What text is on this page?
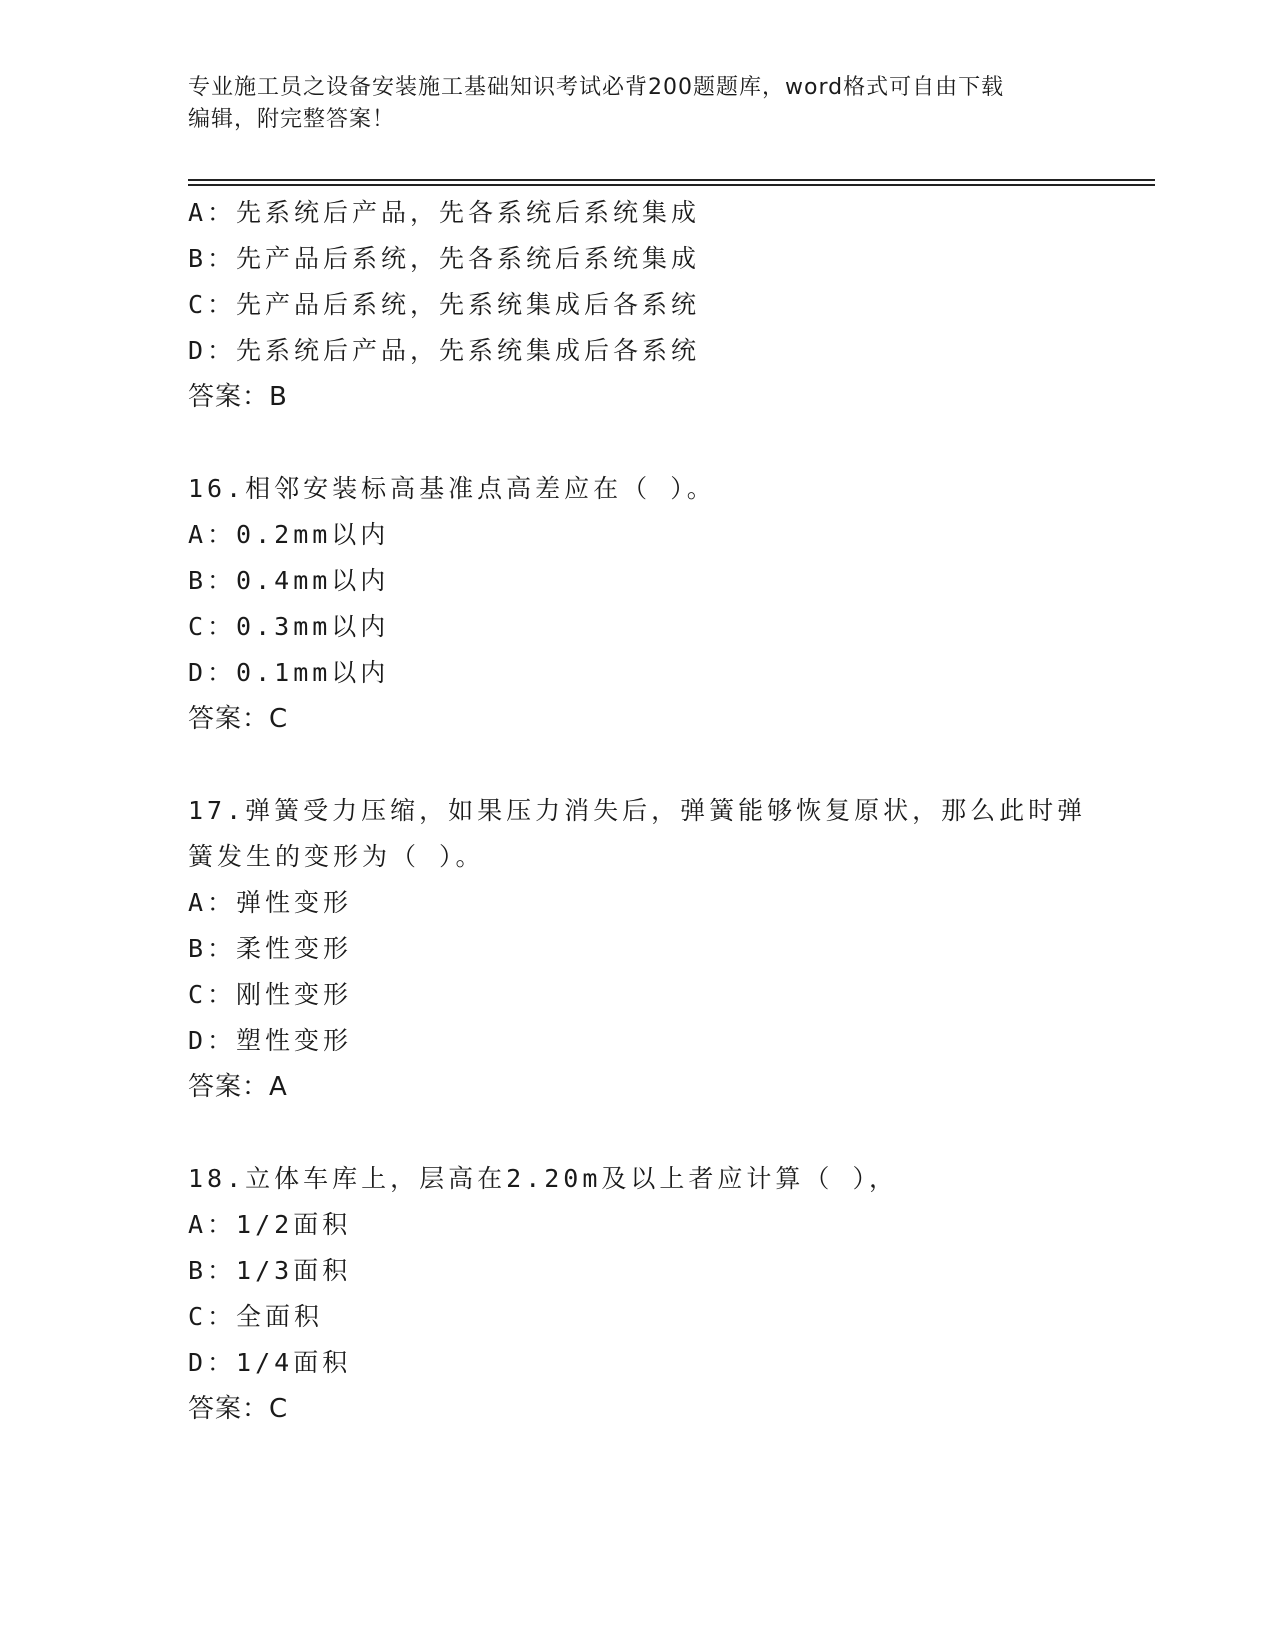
专业施工员之设备安装施工基础知识考试必背200题题库，word格式可自由下载
编辑，附完整答案！
A：先系统后产品，先各系统后系统集成
B：先产品后系统，先各系统后系统集成
C：先产品后系统，先系统集成后各系统
D：先系统后产品，先系统集成后各系统
答案：B
16.相邻安装标高基准点高差应在（ ）。
A：0.2mm以内
B：0.4mm以内
C：0.3mm以内
D：0.1mm以内
答案：C
17.弹簧受力压缩，如果压力消失后，弹簧能够恢复原状，那么此时弹
簧发生的变形为（ ）。
A：弹性变形
B：柔性变形
C：刚性变形
D：塑性变形
答案：A
18.立体车库上，层高在2.20m及以上者应计算（ ），
A：1/2面积
B：1/3面积
C：全面积
D：1/4面积
答案：C
